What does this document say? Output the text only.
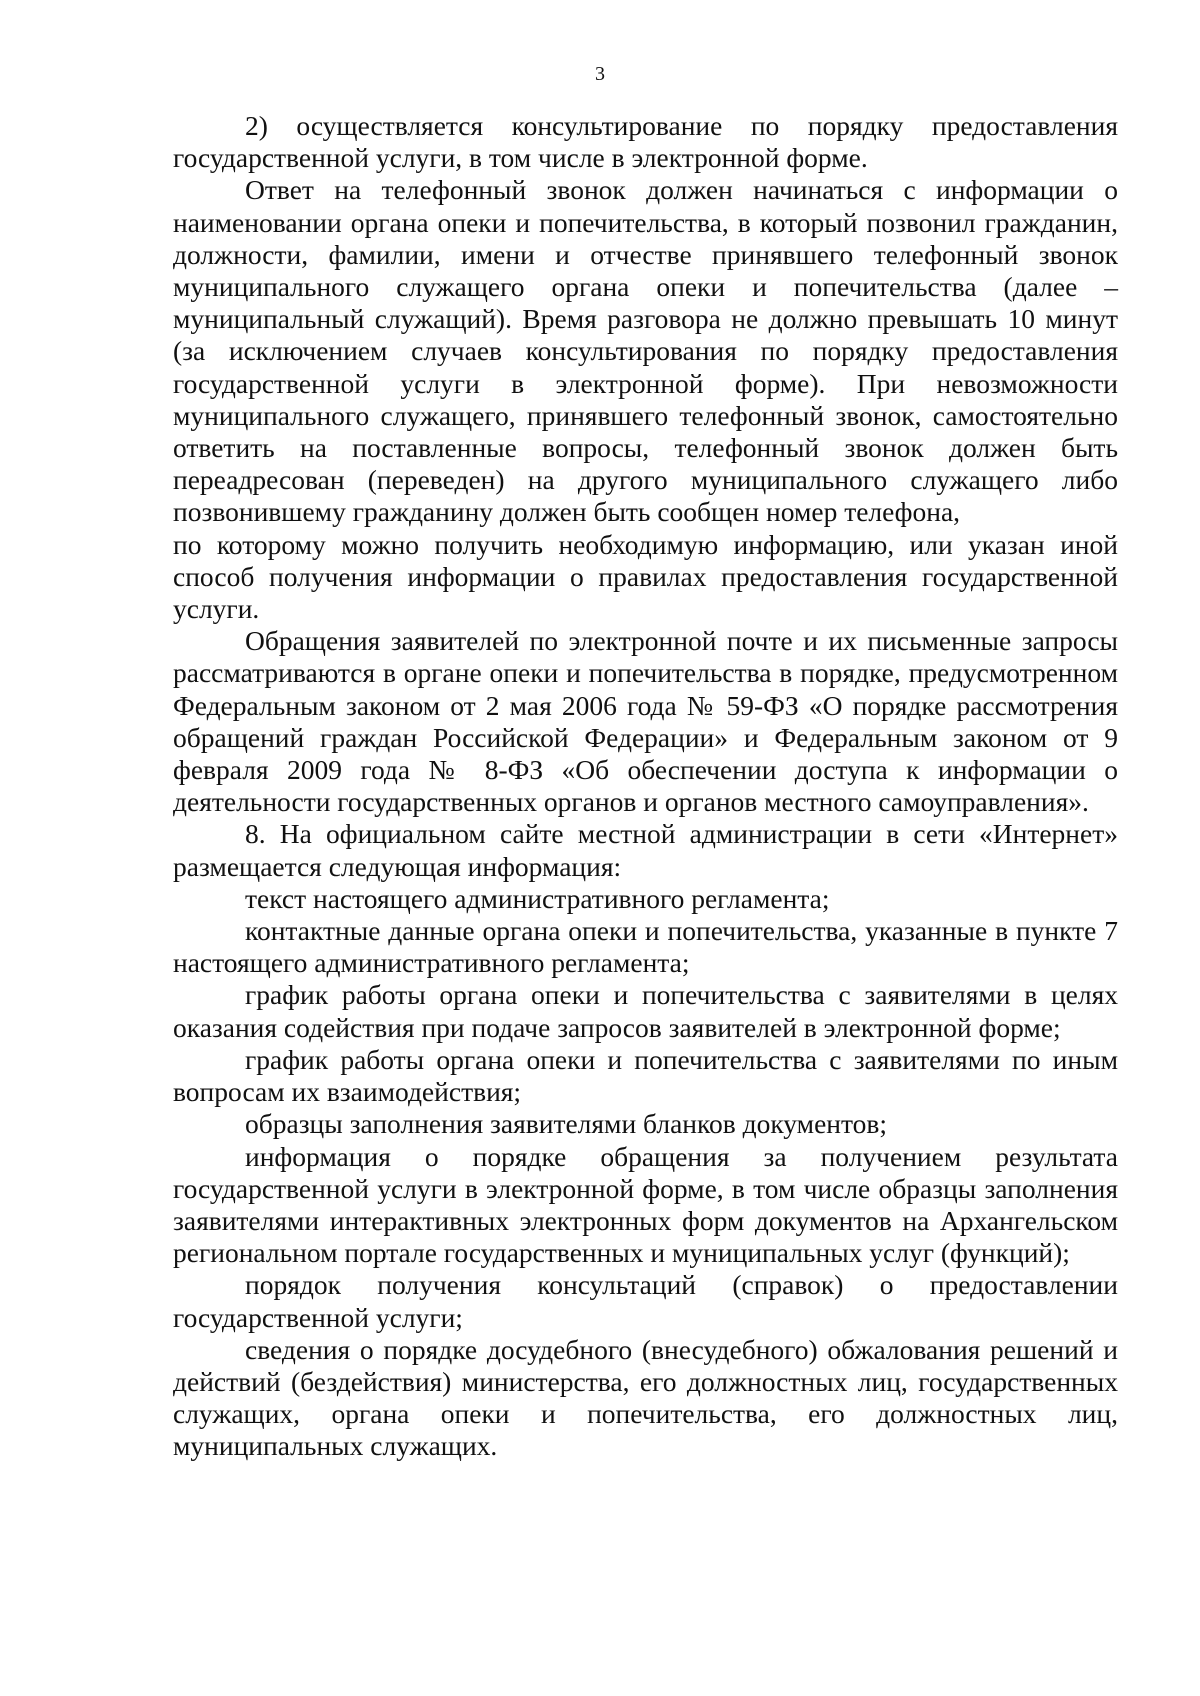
3

2) осуществляется консультирование по порядку предоставления государственной услуги, в том числе в электронной форме.

Ответ на телефонный звонок должен начинаться с информации о наименовании органа опеки и попечительства, в который позвонил гражданин, должности, фамилии, имени и отчестве принявшего телефонный звонок муниципального служащего органа опеки и попечительства (далее – муниципальный служащий). Время разговора не должно превышать 10 минут (за исключением случаев консультирования по порядку предоставления государственной услуги в электронной форме). При невозможности муниципального служащего, принявшего телефонный звонок, самостоятельно ответить на поставленные вопросы, телефонный звонок должен быть переадресован (переведен) на другого муниципального служащего либо позвонившему гражданину должен быть сообщен номер телефона,

по которому можно получить необходимую информацию, или указан иной способ получения информации о правилах предоставления государственной услуги.

Обращения заявителей по электронной почте и их письменные запросы рассматриваются в органе опеки и попечительства в порядке, предусмотренном Федеральным законом от 2 мая 2006 года № 59-ФЗ «О порядке рассмотрения обращений граждан Российской Федерации» и Федеральным законом от 9 февраля 2009 года № 8-ФЗ «Об обеспечении доступа к информации о деятельности государственных органов и органов местного самоуправления».

8. На официальном сайте местной администрации в сети «Интернет» размещается следующая информация:

текст настоящего административного регламента;

контактные данные органа опеки и попечительства, указанные в пункте 7 настоящего административного регламента;

график работы органа опеки и попечительства с заявителями в целях оказания содействия при подаче запросов заявителей в электронной форме;

график работы органа опеки и попечительства с заявителями по иным вопросам их взаимодействия;

образцы заполнения заявителями бланков документов;

информация о порядке обращения за получением результата государственной услуги в электронной форме, в том числе образцы заполнения заявителями интерактивных электронных форм документов на Архангельском региональном портале государственных и муниципальных услуг (функций);

порядок получения консультаций (справок) о предоставлении государственной услуги;

сведения о порядке досудебного (внесудебного) обжалования решений и действий (бездействия) министерства, его должностных лиц, государственных служащих, органа опеки и попечительства, его должностных лиц, муниципальных служащих.
